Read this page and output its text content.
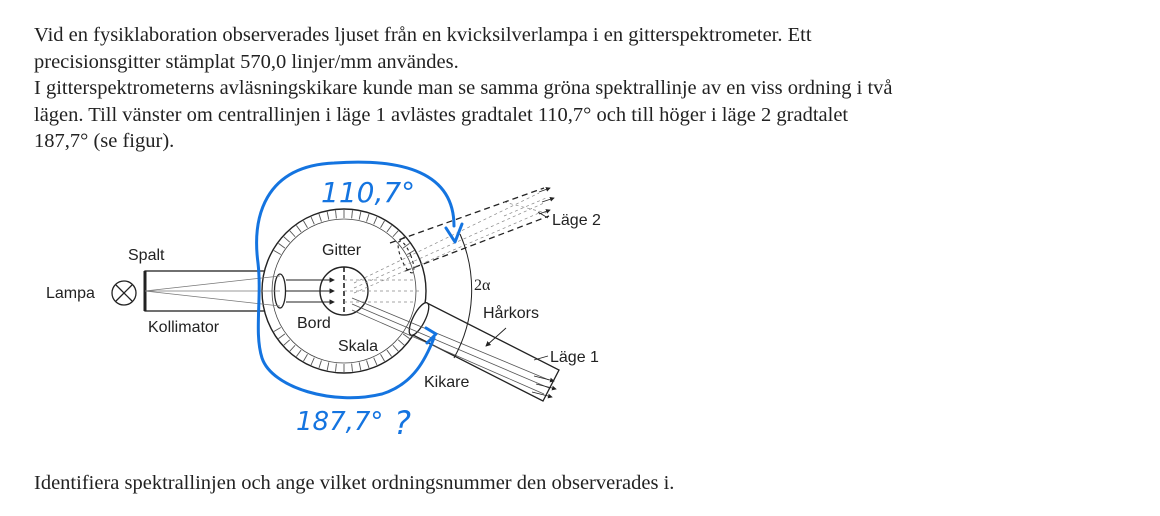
Vid en fysiklaboration observerades ljuset från en kvicksilverlampa i en gitterspektrometer. Ett

precisionsgitter stämplat 570,0 linjer/mm användes.

I gitterspektrometerns avläsningskikare kunde man se samma gröna spektrallinje av en viss ordning i två

lägen. Till vänster om centrallinjen i läge 1 avlästes gradtalet 110,7° och till höger i läge 2 gradtalet

187,7° (se figur).

Lampa
Spalt
Kollimator
Gitter
Bord
Skala
Kikare
Hårkors
Läge 1
Läge 2
2α
110,7°
187,7° ?

Identifiera spektrallinjen och ange vilket ordningsnummer den observerades i.
